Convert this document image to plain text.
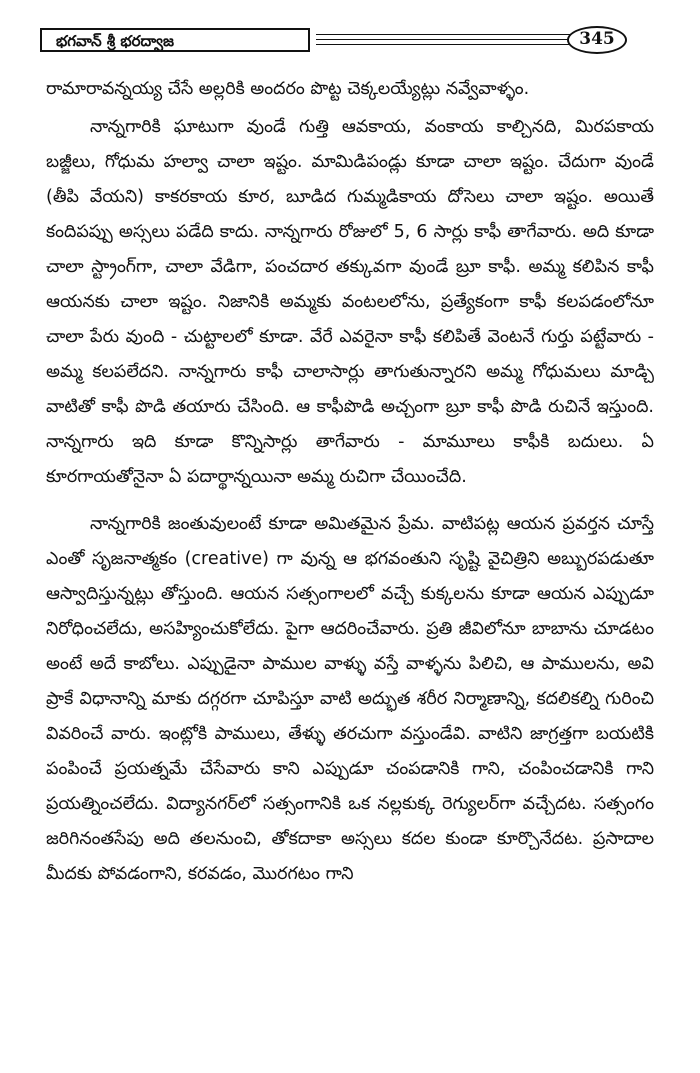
భగవాన్ శ్రీ భరద్వాజ	345

రామారావన్నయ్య చేసే అల్లరికి అందరం పొట్ట చెక్కలయ్యేట్లు నవ్వేవాళ్ళం.

నాన్నగారికి ఘాటుగా వుండే గుత్తి ఆవకాయ, వంకాయ కాల్చినది, మిరపకాయ బజ్జీలు, గోధుమ హల్వా చాలా ఇష్టం. మామిడిపండ్లు కూడా చాలా ఇష్టం. చేదుగా వుండే (తీపి వేయని) కాకరకాయ కూర, బూడిద గుమ్మడికాయ దోసెలు చాలా ఇష్టం. అయితే కందిపప్పు అస్సలు పడేది కాదు. నాన్నగారు రోజులో 5, 6 సార్లు కాఫీ తాగేవారు. అది కూడా చాలా స్ట్రాంగ్‌గా, చాలా వేడిగా, పంచదార తక్కువగా వుండే బ్రూ కాఫీ. అమ్మ కలిపిన కాఫీ ఆయనకు చాలా ఇష్టం. నిజానికి అమ్మకు వంటలలోను, ప్రత్యేకంగా కాఫీ కలపడంలోనూ చాలా పేరు వుంది - చుట్టాలలో కూడా. వేరే ఎవరైనా కాఫీ కలిపితే వెంటనే గుర్తు పట్టేవారు - అమ్మ కలపలేదని. నాన్నగారు కాఫీ చాలాసార్లు తాగుతున్నారని అమ్మ గోధుమలు మాడ్చి వాటితో కాఫీ పొడి తయారు చేసింది. ఆ కాఫీపొడి అచ్చంగా బ్రూ కాఫీ పొడి రుచినే ఇస్తుంది. నాన్నగారు ఇది కూడా కొన్నిసార్లు తాగేవారు - మామూలు కాఫీకి బదులు. ఏ కూరగాయతోనైనా ఏ పదార్థాన్నయినా అమ్మ రుచిగా చేయించేది.

నాన్నగారికి జంతువులంటే కూడా అమితమైన ప్రేమ. వాటిపట్ల ఆయన ప్రవర్తన చూస్తే ఎంతో సృజనాత్మకం (creative) గా వున్న ఆ భగవంతుని సృష్టి వైచిత్రిని అబ్బురపడుతూ ఆస్వాదిస్తున్నట్లు తోస్తుంది. ఆయన సత్సంగాలలో వచ్చే కుక్కలను కూడా ఆయన ఎప్పుడూ నిరోధించలేదు, అసహ్యించుకోలేదు. పైగా ఆదరించేవారు. ప్రతి జీవిలోనూ బాబాను చూడటం అంటే అదే కాబోలు. ఎప్పుడైనా పాముల వాళ్ళు వస్తే వాళ్ళను పిలిచి, ఆ పాములను, అవి ప్రాకే విధానాన్ని మాకు దగ్గరగా చూపిస్తూ వాటి అద్భుత శరీర నిర్మాణాన్ని, కదలికల్ని గురించి వివరించే వారు. ఇంట్లోకి పాములు, తేళ్ళు తరచుగా వస్తుండేవి. వాటిని జాగ్రత్తగా బయటికి పంపించే ప్రయత్నమే చేసేవారు కాని ఎప్పుడూ చంపడానికి గాని, చంపించడానికి గాని ప్రయత్నించలేదు. విద్యానగర్‌లో సత్సంగానికి ఒక నల్లకుక్క రెగ్యులర్‌గా వచ్చేదట. సత్సంగం జరిగినంతసేపు అది తలనుంచి, తోకదాకా అస్సలు కదల కుండా కూర్చొనేదట. ప్రసాదాల మీదకు పోవడంగాని, కరవడం, మొరగటం గాని
